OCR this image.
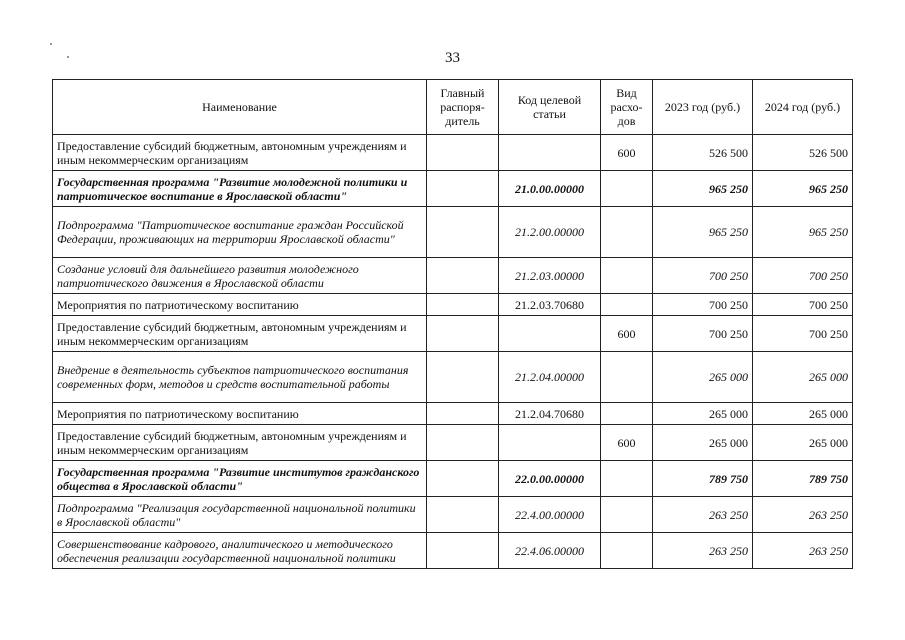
33
Наименование	Главный распоря-дитель	Код целевой статьи	Вид расхо-дов	2023 год (руб.)	2024 год (руб.)
Предоставление субсидий бюджетным, автономным учреждениям и иным некоммерческим организациям			600	526 500	526 500
Государственная программа "Развитие молодежной политики и патриотическое воспитание в Ярославской области"		21.0.00.00000		965 250	965 250
Подпрограмма "Патриотическое воспитание граждан Российской Федерации, проживающих на территории Ярославской области"		21.2.00.00000		965 250	965 250
Создание условий для дальнейшего развития молодежного патриотического движения в Ярославской области		21.2.03.00000		700 250	700 250
Мероприятия по патриотическому воспитанию		21.2.03.70680		700 250	700 250
Предоставление субсидий бюджетным, автономным учреждениям и иным некоммерческим организациям			600	700 250	700 250
Внедрение в деятельность субъектов патриотического воспитания современных форм, методов и средств воспитательной работы		21.2.04.00000		265 000	265 000
Мероприятия по патриотическому воспитанию		21.2.04.70680		265 000	265 000
Предоставление субсидий бюджетным, автономным учреждениям и иным некоммерческим организациям			600	265 000	265 000
Государственная программа "Развитие институтов гражданского общества в Ярославской области"		22.0.00.00000		789 750	789 750
Подпрограмма "Реализация государственной национальной политики в Ярославской области"		22.4.00.00000		263 250	263 250
Совершенствование кадрового, аналитического и методического обеспечения реализации государственной национальной политики		22.4.06.00000		263 250	263 250
